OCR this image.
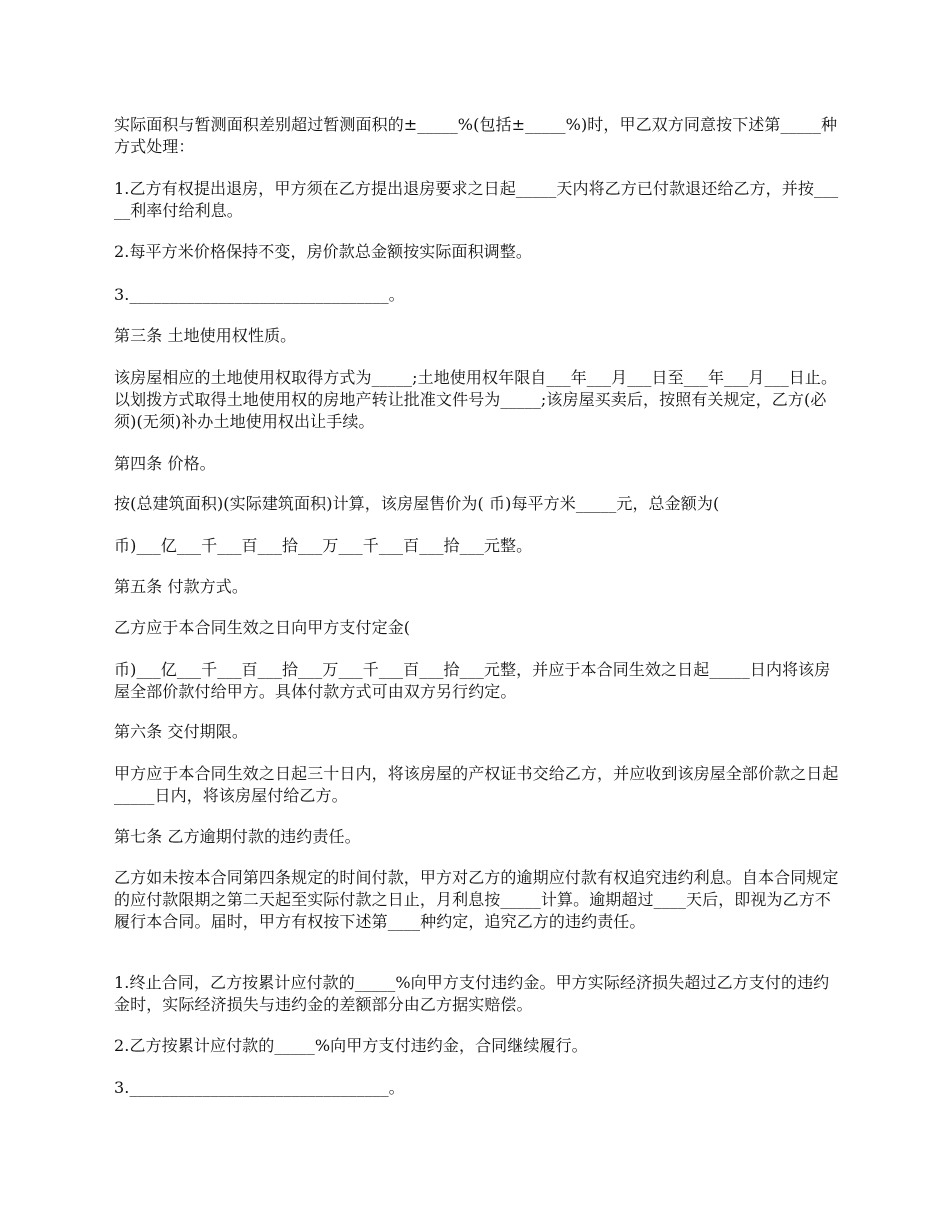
实际面积与暂测面积差别超过暂测面积的±_____%(包括±_____%)时，甲乙双方同意按下述第_____种方式处理：

1.乙方有权提出退房，甲方须在乙方提出退房要求之日起_____天内将乙方已付款退还给乙方，并按_____利率付给利息。

2.每平方米价格保持不变，房价款总金额按实际面积调整。

3.________________________________。

第三条 土地使用权性质。

该房屋相应的土地使用权取得方式为_____;土地使用权年限自___年___月___日至___年___月___日止。以划拨方式取得土地使用权的房地产转让批准文件号为_____;该房屋买卖后，按照有关规定，乙方(必须)(无须)补办土地使用权出让手续。

第四条 价格。

按(总建筑面积)(实际建筑面积)计算，该房屋售价为( 币)每平方米_____元，总金额为(

币)___亿___千___百___拾___万___千___百___拾___元整。

第五条 付款方式。

乙方应于本合同生效之日向甲方支付定金(

币)___亿___千___百___拾___万___千___百___拾___元整，并应于本合同生效之日起_____日内将该房屋全部价款付给甲方。具体付款方式可由双方另行约定。

第六条 交付期限。

甲方应于本合同生效之日起三十日内，将该房屋的产权证书交给乙方，并应收到该房屋全部价款之日起_____日内，将该房屋付给乙方。

第七条 乙方逾期付款的违约责任。

乙方如未按本合同第四条规定的时间付款，甲方对乙方的逾期应付款有权追究违约利息。自本合同规定的应付款限期之第二天起至实际付款之日止，月利息按_____计算。逾期超过____天后，即视为乙方不履行本合同。届时，甲方有权按下述第____种约定，追究乙方的违约责任。

1.终止合同，乙方按累计应付款的_____%向甲方支付违约金。甲方实际经济损失超过乙方支付的违约金时，实际经济损失与违约金的差额部分由乙方据实赔偿。

2.乙方按累计应付款的_____%向甲方支付违约金，合同继续履行。

3.________________________________。
